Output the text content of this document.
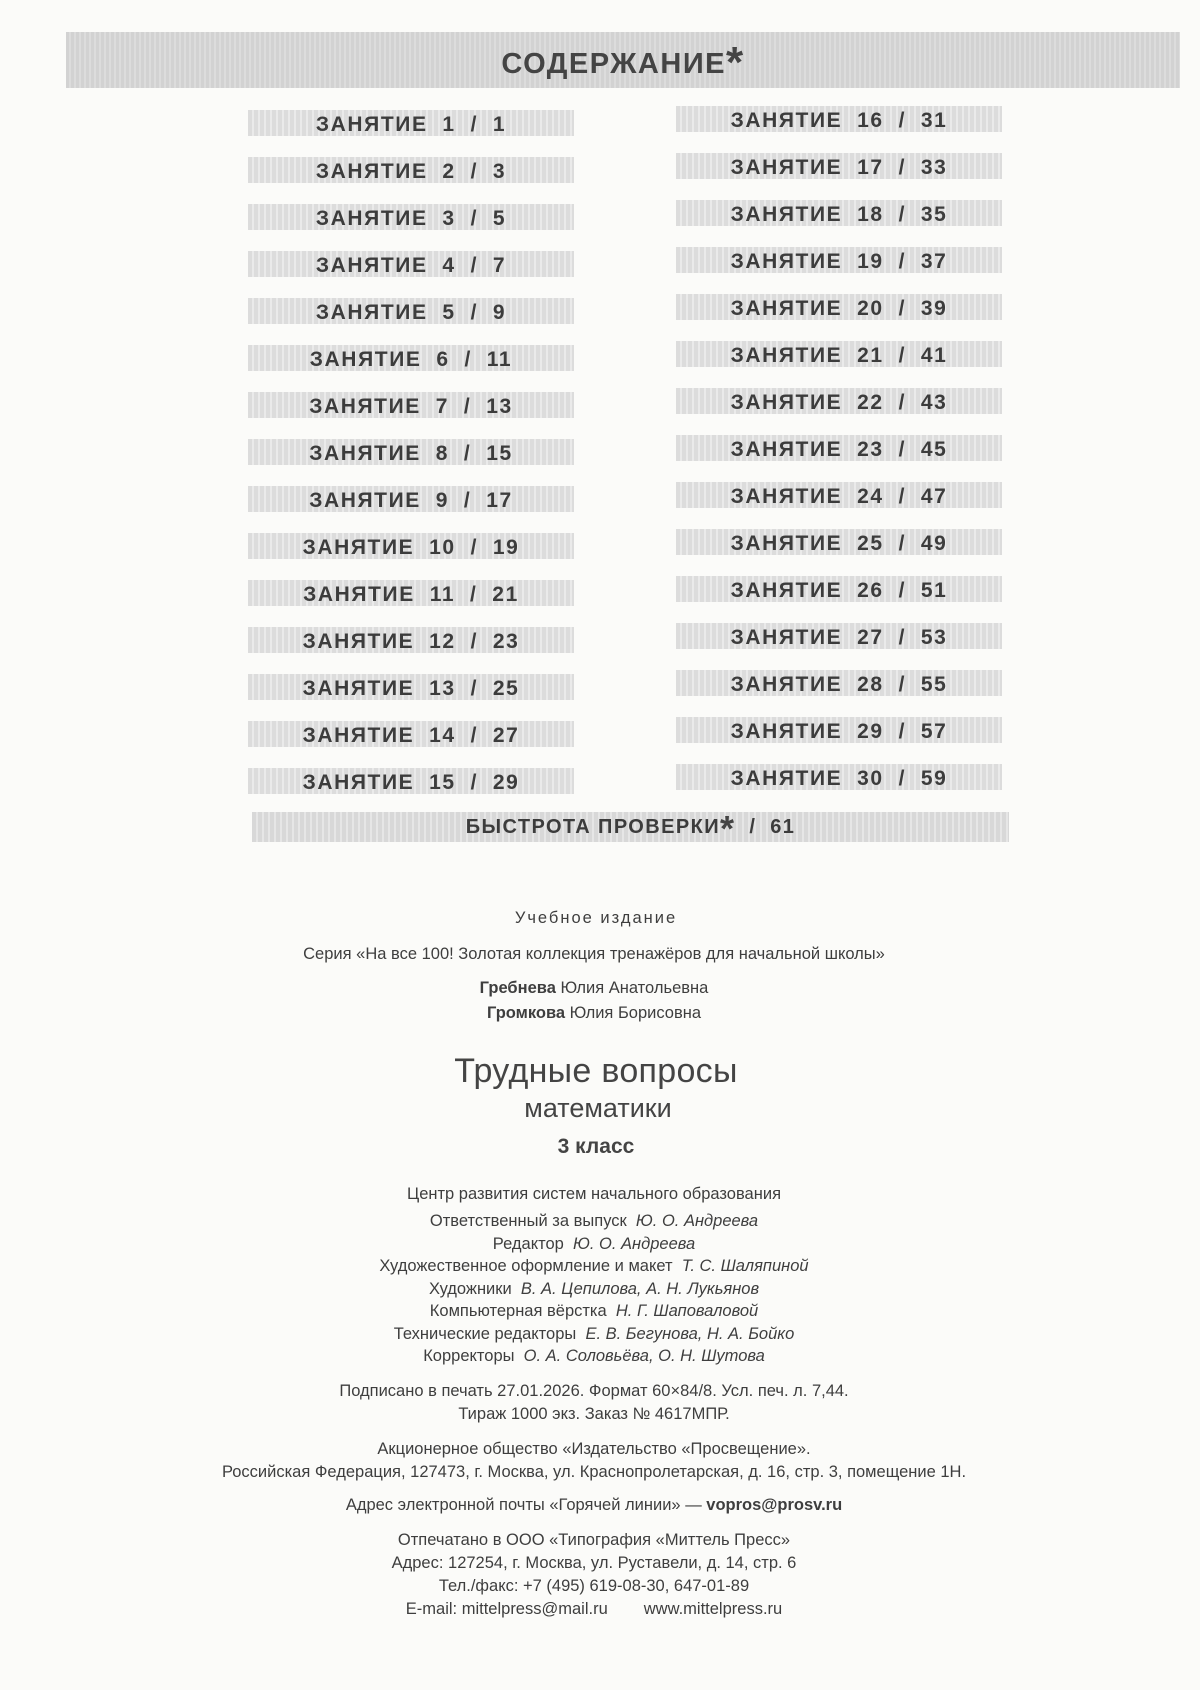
СОДЕРЖАНИЕ*
ЗАНЯТИЕ  1  /  1
ЗАНЯТИЕ  2  /  3
ЗАНЯТИЕ  3  /  5
ЗАНЯТИЕ  4  /  7
ЗАНЯТИЕ  5  /  9
ЗАНЯТИЕ  6  /  11
ЗАНЯТИЕ  7  /  13
ЗАНЯТИЕ  8  /  15
ЗАНЯТИЕ  9  /  17
ЗАНЯТИЕ  10  /  19
ЗАНЯТИЕ  11  /  21
ЗАНЯТИЕ  12  /  23
ЗАНЯТИЕ  13  /  25
ЗАНЯТИЕ  14  /  27
ЗАНЯТИЕ  15  /  29
ЗАНЯТИЕ  16  /  31
ЗАНЯТИЕ  17  /  33
ЗАНЯТИЕ  18  /  35
ЗАНЯТИЕ  19  /  37
ЗАНЯТИЕ  20  /  39
ЗАНЯТИЕ  21  /  41
ЗАНЯТИЕ  22  /  43
ЗАНЯТИЕ  23  /  45
ЗАНЯТИЕ  24  /  47
ЗАНЯТИЕ  25  /  49
ЗАНЯТИЕ  26  /  51
ЗАНЯТИЕ  27  /  53
ЗАНЯТИЕ  28  /  55
ЗАНЯТИЕ  29  /  57
ЗАНЯТИЕ  30  /  59
БЫСТРОТА ПРОВЕРКИ*  /  61
Учебное издание
Серия «На все 100! Золотая коллекция тренажёров для начальной школы»
Гребнева Юлия Анатольевна
Громкова Юлия Борисовна
Трудные вопросы
математики
3 класс
Центр развития систем начального образования
Ответственный за выпуск  Ю. О. Андреева
Редактор  Ю. О. Андреева
Художественное оформление и макет  Т. С. Шаляпиной
Художники  В. А. Цепилова, А. Н. Лукьянов
Компьютерная вёрстка  Н. Г. Шаповаловой
Технические редакторы  Е. В. Бегунова, Н. А. Бойко
Корректоры  О. А. Соловьёва, О. Н. Шутова
Подписано в печать 27.01.2026. Формат 60×84/8. Усл. печ. л. 7,44.
Тираж 1000 экз. Заказ № 4617МПР.
Акционерное общество «Издательство «Просвещение».
Российская Федерация, 127473, г. Москва, ул. Краснопролетарская, д. 16, стр. 3, помещение 1Н.
Адрес электронной почты «Горячей линии» — vopros@prosv.ru
Отпечатано в ООО «Типография «Миттель Пресс»
Адрес: 127254, г. Москва, ул. Руставели, д. 14, стр. 6
Тел./факс: +7 (495) 619-08-30, 647-01-89
E-mail: mittelpress@mail.ru www.mittelpress.ru
